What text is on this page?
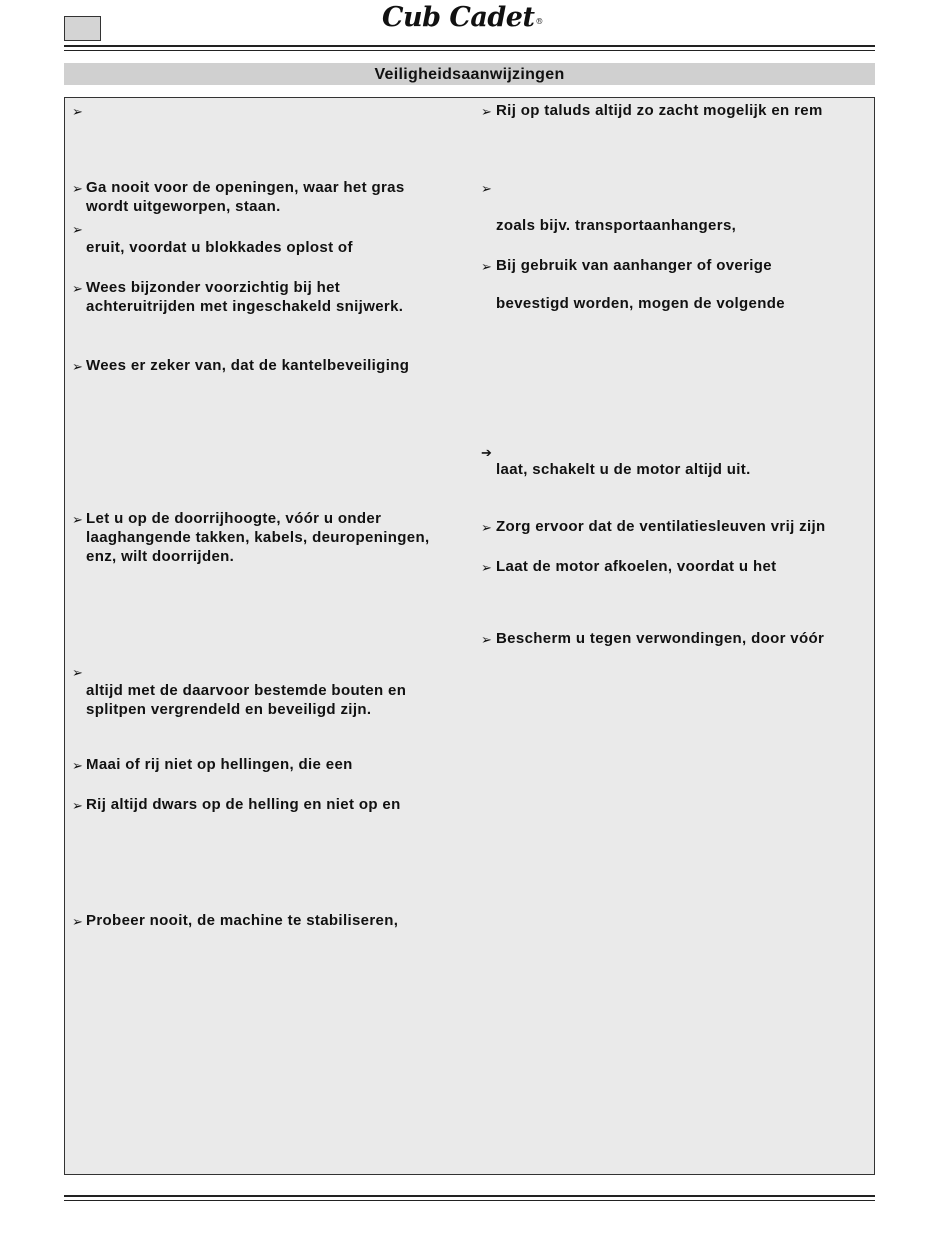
Cub Cadet®
Veiligheidsaanwijzingen
➢
➢ Ga nooit voor de openingen, waar het gras
wordt uitgeworpen, staan.
➢
eruit, voordat u blokkades oplost of
➢ Wees bijzonder voorzichtig bij het
achteruitrijden met ingeschakeld snijwerk.
➢ Wees er zeker van, dat de kantelbeveiliging
➢ Let u op de doorrijhoogte, vóór u onder
laaghangende takken, kabels, deuropeningen,
enz, wilt doorrijden.
➢
altijd met de daarvoor bestemde bouten en
splitpen vergrendeld en beveiligd zijn.
➢ Maai of rij niet op hellingen, die een
➢ Rij altijd dwars op de helling en niet op en
➢ Probeer nooit, de machine te stabiliseren,
➢ Rij op taluds altijd zo zacht mogelijk en rem
➢
zoals bijv. transportaanhangers,
➢ Bij gebruik van aanhanger of overige
bevestigd worden, mogen de volgende
➔
laat, schakelt u de motor altijd uit.
➢ Zorg ervoor dat de ventilatiesleuven vrij zijn
➢ Laat de motor afkoelen, voordat u het
➢ Bescherm u tegen verwondingen, door vóór
